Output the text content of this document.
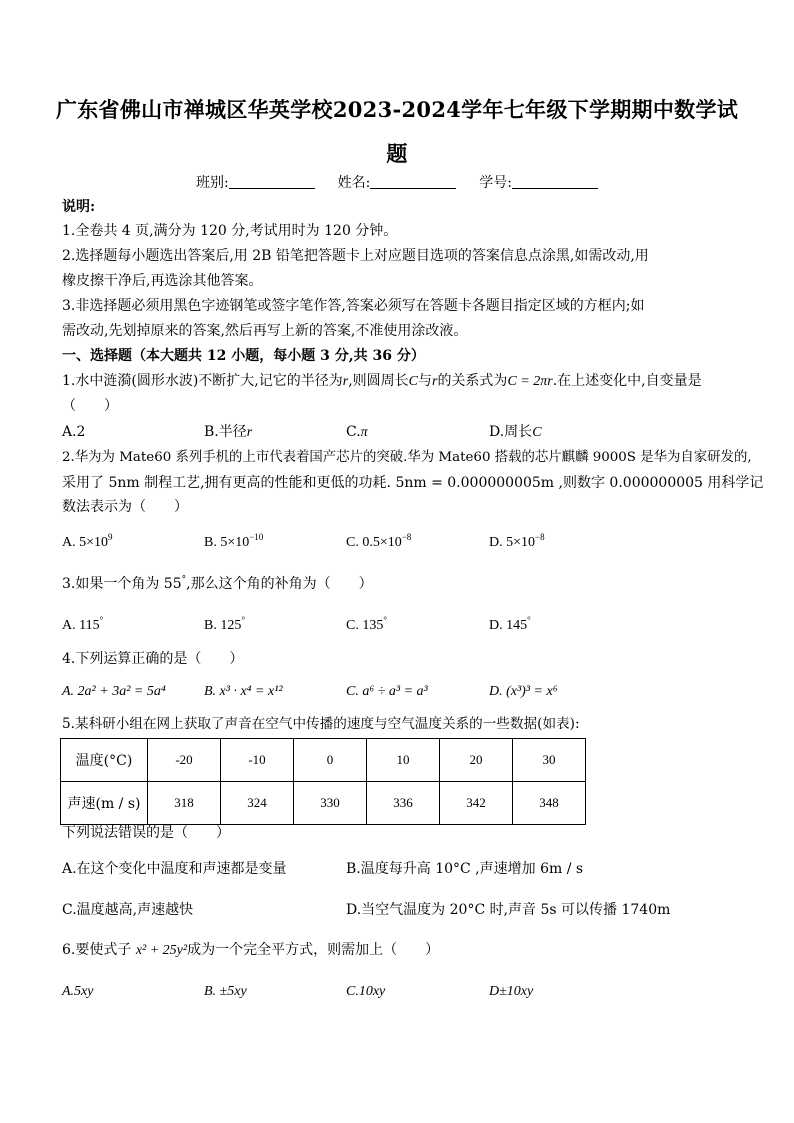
广东省佛山市禅城区华英学校2023-2024学年七年级下学期期中数学试
题
班别:	姓名:	学号:
说明:
1.全卷共 4 页,满分为 120 分,考试用时为 120 分钟。
2.选择题每小题选出答案后,用 2B 铅笔把答题卡上对应题目选项的答案信息点涂黑,如需改动,用
橡皮擦干净后,再选涂其他答案。
3.非选择题必须用黑色字迹钢笔或签字笔作答,答案必须写在答题卡各题目指定区域的方框内;如
需改动,先划掉原来的答案,然后再写上新的答案,不准使用涂改液。
一、选择题（本大题共 12 小题，每小题 3 分,共 36 分）
1.水中涟漪(圆形水波)不断扩大,记它的半径为r,则圆周长C与r的关系式为C = 2πr.在上述变化中,自变量是
（　　）
A.2	B.半径r	C.π	D.周长C
2.华为为 Mate60 系列手机的上市代表着国产芯片的突破.华为 Mate60 搭载的芯片麒麟 9000S 是华为自家研发的,
采用了 5nm 制程工艺,拥有更高的性能和更低的功耗. 5nm = 0.000000005m ,则数字 0.000000005 用科学记
数法表示为（　　）
A. $5\times 10^9$	B. $5\times 10^{-10}$	C. $0.5\times 10^{-8}$	D. $5\times 10^{-8}$
3.如果一个角为 55°,那么这个角的补角为（　　）
A. 115°	B. 125°	C. 135°	D. 145°
4.下列运算正确的是（　　）
A. 2a² + 3a² = 5a⁴	B. x³ · x⁴ = x¹²	C. a⁶ ÷ a³ = a³	D. (x³)³ = x⁶
5.某科研小组在网上获取了声音在空气中传播的速度与空气温度关系的一些数据(如表):
温度(°C)	-20	-10	0	10	20	30
声速(m / s)	318	324	330	336	342	348
下列说法错误的是（　　）
A.在这个变化中温度和声速都是变量	B.温度每升高 10°C ,声速增加 6m / s
C.温度越高,声速越快	D.当空气温度为 20°C 时,声音 5s 可以传播 1740m
6.要使式子 x² + 25y²成为一个完全平方式，则需加上（　　）
A.5xy	B. ±5xy	C.10xy	D±10xy
